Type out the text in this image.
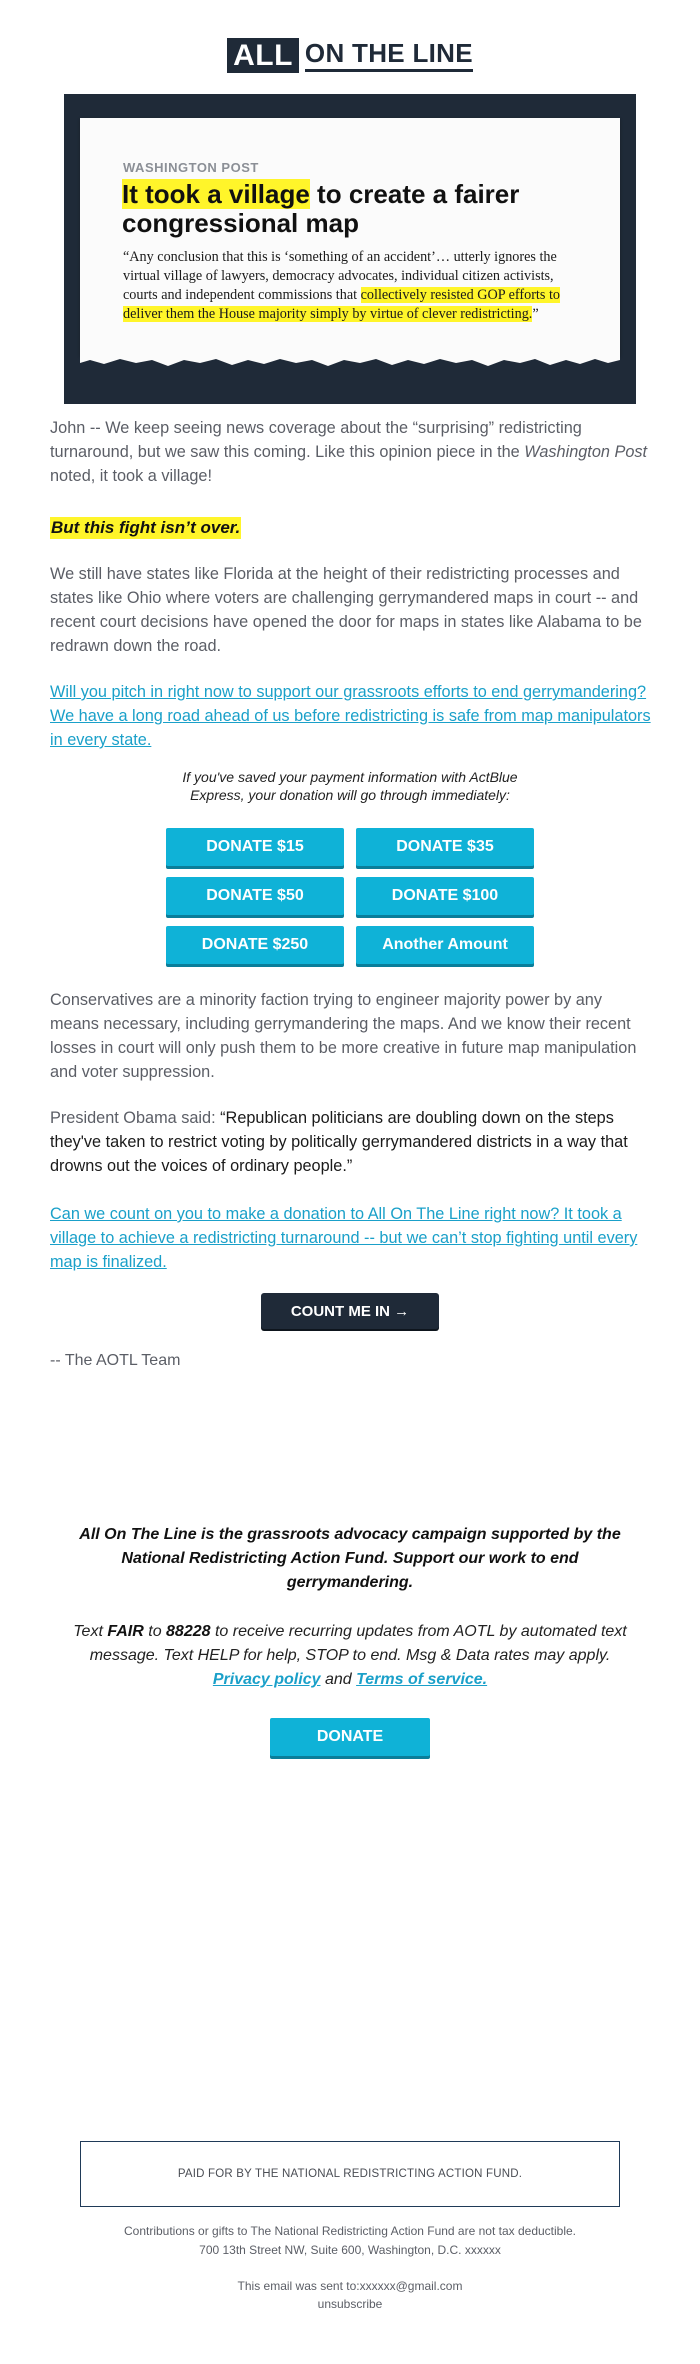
ALL ON THE LINE
WASHINGTON POST
It took a village to create a fairer congressional map
“Any conclusion that this is ‘something of an accident’… utterly ignores the virtual village of lawyers, democracy advocates, individual citizen activists, courts and independent commissions that collectively resisted GOP efforts to deliver them the House majority simply by virtue of clever redistricting.”

John -- We keep seeing news coverage about the “surprising” redistricting turnaround, but we saw this coming. Like this opinion piece in the Washington Post noted, it took a village!

But this fight isn’t over.

We still have states like Florida at the height of their redistricting processes and states like Ohio where voters are challenging gerrymandered maps in court -- and recent court decisions have opened the door for maps in states like Alabama to be redrawn down the road.

Will you pitch in right now to support our grassroots efforts to end gerrymandering? We have a long road ahead of us before redistricting is safe from map manipulators in every state.

If you've saved your payment information with ActBlue Express, your donation will go through immediately:
DONATE $15	DONATE $35
DONATE $50	DONATE $100
DONATE $250	Another Amount

Conservatives are a minority faction trying to engineer majority power by any means necessary, including gerrymandering the maps. And we know their recent losses in court will only push them to be more creative in future map manipulation and voter suppression.

President Obama said: “Republican politicians are doubling down on the steps they've taken to restrict voting by politically gerrymandered districts in a way that drowns out the voices of ordinary people.”

Can we count on you to make a donation to All On The Line right now? It took a village to achieve a redistricting turnaround -- but we can’t stop fighting until every map is finalized.

COUNT ME IN →
-- The AOTL Team
All On The Line is the grassroots advocacy campaign supported by the National Redistricting Action Fund. Support our work to end gerrymandering.
Text FAIR to 88228 to receive recurring updates from AOTL by automated text message. Text HELP for help, STOP to end. Msg & Data rates may apply. Privacy policy and Terms of service.
DONATE
PAID FOR BY THE NATIONAL REDISTRICTING ACTION FUND.
Contributions or gifts to The National Redistricting Action Fund are not tax deductible.
700 13th Street NW, Suite 600, Washington, D.C. xxxxxx
This email was sent to:xxxxxx@gmail.com
unsubscribe
